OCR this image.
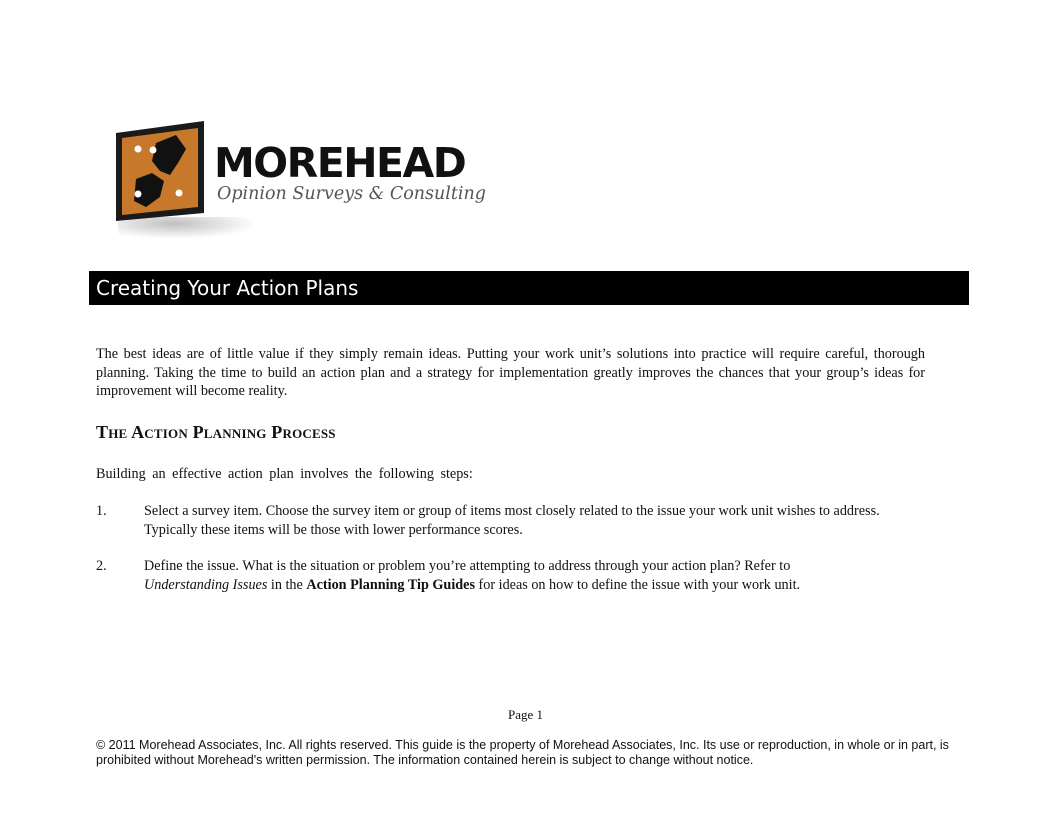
MOREHEAD
Opinion Surveys & Consulting
Creating Your Action Plans
The best ideas are of little value if they simply remain ideas. Putting your work unit’s solutions into practice will require careful, thorough planning. Taking the time to build an action plan and a strategy for implementation greatly improves the chances that your group’s ideas for improvement will become reality.
The Action Planning Process
Building an effective action plan involves the following steps:
1.	Select a survey item. Choose the survey item or group of items most closely related to the issue your work unit wishes to address. Typically these items will be those with lower performance scores.
2.	Define the issue. What is the situation or problem you’re attempting to address through your action plan? Refer to
Understanding Issues in the Action Planning Tip Guides for ideas on how to define the issue with your work unit.
Page 1
© 2011 Morehead Associates, Inc. All rights reserved. This guide is the property of Morehead Associates, Inc. Its use or reproduction, in whole or in part, is prohibited without Morehead's written permission. The information contained herein is subject to change without notice.
